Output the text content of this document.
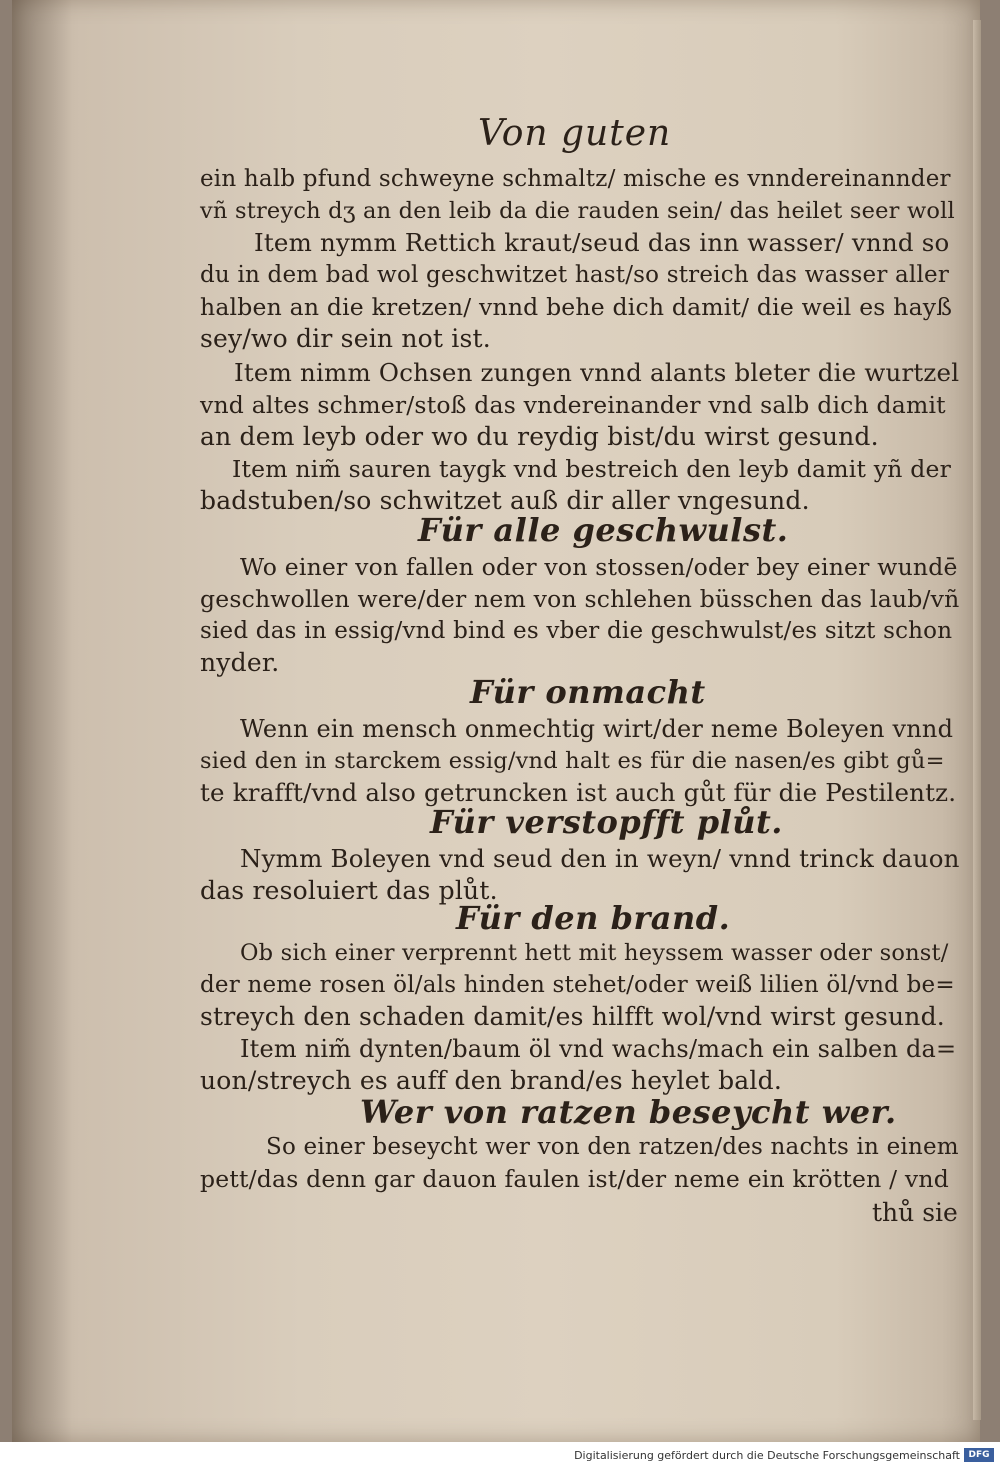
Von guten
ein halb pfund schweyne schmaltz/ mische es vnndereinannder
vñ streych dʒ an den leib da die rauden sein/ das heilet seer woll
Item nymm Rettich kraut/seud das inn wasser/ vnnd so
du in dem bad wol geschwitzet hast/so streich das wasser aller
halben an die kretzen/ vnnd behe dich damit/ die weil es hayß
sey/wo dir sein not ist.
Item nimm Ochsen zungen vnnd alants bleter die wurtzel
vnd altes schmer/stoß das vndereinander vnd salb dich damit
an dem leyb oder wo du reydig bist/du wirst gesund.
Item nim̃ sauren taygk vnd bestreich den leyb damit yñ der
badstuben/so schwitzet auß dir aller vngesund.
Für alle geschwulst.
Wo einer von fallen oder von stossen/oder bey einer wundē
geschwollen were/der nem von schlehen büsschen das laub/vñ
sied das in essig/vnd bind es vber die geschwulst/es sitzt schon
nyder.
Für onmacht
Wenn ein mensch onmechtig wirt/der neme Boleyen vnnd
sied den in starckem essig/vnd halt es für die nasen/es gibt gů=
te krafft/vnd also getruncken ist auch gůt für die Pestilentz.
Für verstopfft plůt.
Nymm Boleyen vnd seud den in weyn/ vnnd trinck dauon
das resoluiert das plůt.
Für den brand.
Ob sich einer verprennt hett mit heyssem wasser oder sonst/
der neme rosen öl/als hinden stehet/oder weiß lilien öl/vnd be=
streych den schaden damit/es hilfft wol/vnd wirst gesund.
Item nim̃ dynten/baum öl vnd wachs/mach ein salben da=
uon/streych es auff den brand/es heylet bald.
Wer von ratzen beseycht wer.
So einer beseycht wer von den ratzen/des nachts in einem
pett/das denn gar dauon faulen ist/der neme ein krötten / vnd
thů sie
Digitalisierung gefördert durch die Deutsche Forschungsgemeinschaft DFG
